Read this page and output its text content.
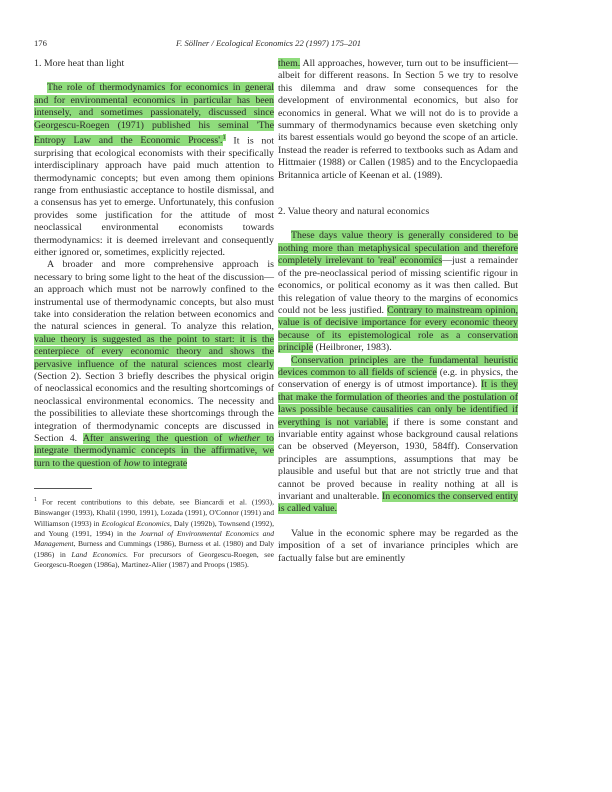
176	F. Söllner / Ecological Economics 22 (1997) 175–201
1. More heat than light

The role of thermodynamics for economics in general and for environmental economics in particular has been intensely, and sometimes passionately, discussed since Georgescu-Roegen (1971) published his seminal 'The Entropy Law and the Economic Process'.$^1$ It is not surprising that ecological economists with their specifically interdisciplinary approach have paid much attention to thermodynamic concepts; but even among them opinions range from enthusiastic acceptance to hostile dismissal, and a consensus has yet to emerge. Unfortunately, this confusion provides some justification for the attitude of most neoclassical environmental economists towards thermodynamics: it is deemed irrelevant and consequently either ignored or, sometimes, explicitly rejected.

A broader and more comprehensive approach is necessary to bring some light to the heat of the discussion—an approach which must not be narrowly confined to the instrumental use of thermodynamic concepts, but also must take into consideration the relation between economics and the natural sciences in general. To analyze this relation, value theory is suggested as the point to start: it is the centerpiece of every economic theory and shows the pervasive influence of the natural sciences most clearly (Section 2). Section 3 briefly describes the physical origin of neoclassical economics and the resulting shortcomings of neoclassical environmental economics. The necessity and the possibilities to alleviate these shortcomings through the integration of thermodynamic concepts are discussed in Section 4. After answering the question of whether to integrate thermodynamic concepts in the affirmative, we turn to the question of how to integrate

$^1$ For recent contributions to this debate, see Biancardi et al. (1993), Binswanger (1993), Khalil (1990, 1991), Lozada (1991), O'Connor (1991) and Williamson (1993) in Ecological Economics, Daly (1992b), Townsend (1992), and Young (1991, 1994) in the Journal of Environmental Economics and Management, Burness and Cummings (1986), Burness et al. (1980) and Daly (1986) in Land Economics. For precursors of Georgescu-Roegen, see Georgescu-Roegen (1986a), Martinez-Alier (1987) and Proops (1985).

them. All approaches, however, turn out to be insufficient—albeit for different reasons. In Section 5 we try to resolve this dilemma and draw some consequences for the development of environmental economics, but also for economics in general. What we will not do is to provide a summary of thermodynamics because even sketching only its barest essentials would go beyond the scope of an article. Instead the reader is referred to textbooks such as Adam and Hittmaier (1988) or Callen (1985) and to the Encyclopaedia Britannica article of Keenan et al. (1989).

2. Value theory and natural economics

These days value theory is generally considered to be nothing more than metaphysical speculation and therefore completely irrelevant to 'real' economics—just a remainder of the pre-neoclassical period of missing scientific rigour in economics, or political economy as it was then called. But this relegation of value theory to the margins of economics could not be less justified. Contrary to mainstream opinion, value is of decisive importance for every economic theory because of its epistemological role as a conservation principle (Heilbroner, 1983).

Conservation principles are the fundamental heuristic devices common to all fields of science (e.g. in physics, the conservation of energy is of utmost importance). It is they that make the formulation of theories and the postulation of laws possible because causalities can only be identified if everything is not variable, if there is some constant and invariable entity against whose background causal relations can be observed (Meyerson, 1930, 584ff). Conservation principles are assumptions, assumptions that may be plausible and useful but that are not strictly true and that cannot be proved because in reality nothing at all is invariant and unalterable. In economics the conserved entity is called value.

Value in the economic sphere may be regarded as the imposition of a set of invariance principles which are factually false but are eminently
